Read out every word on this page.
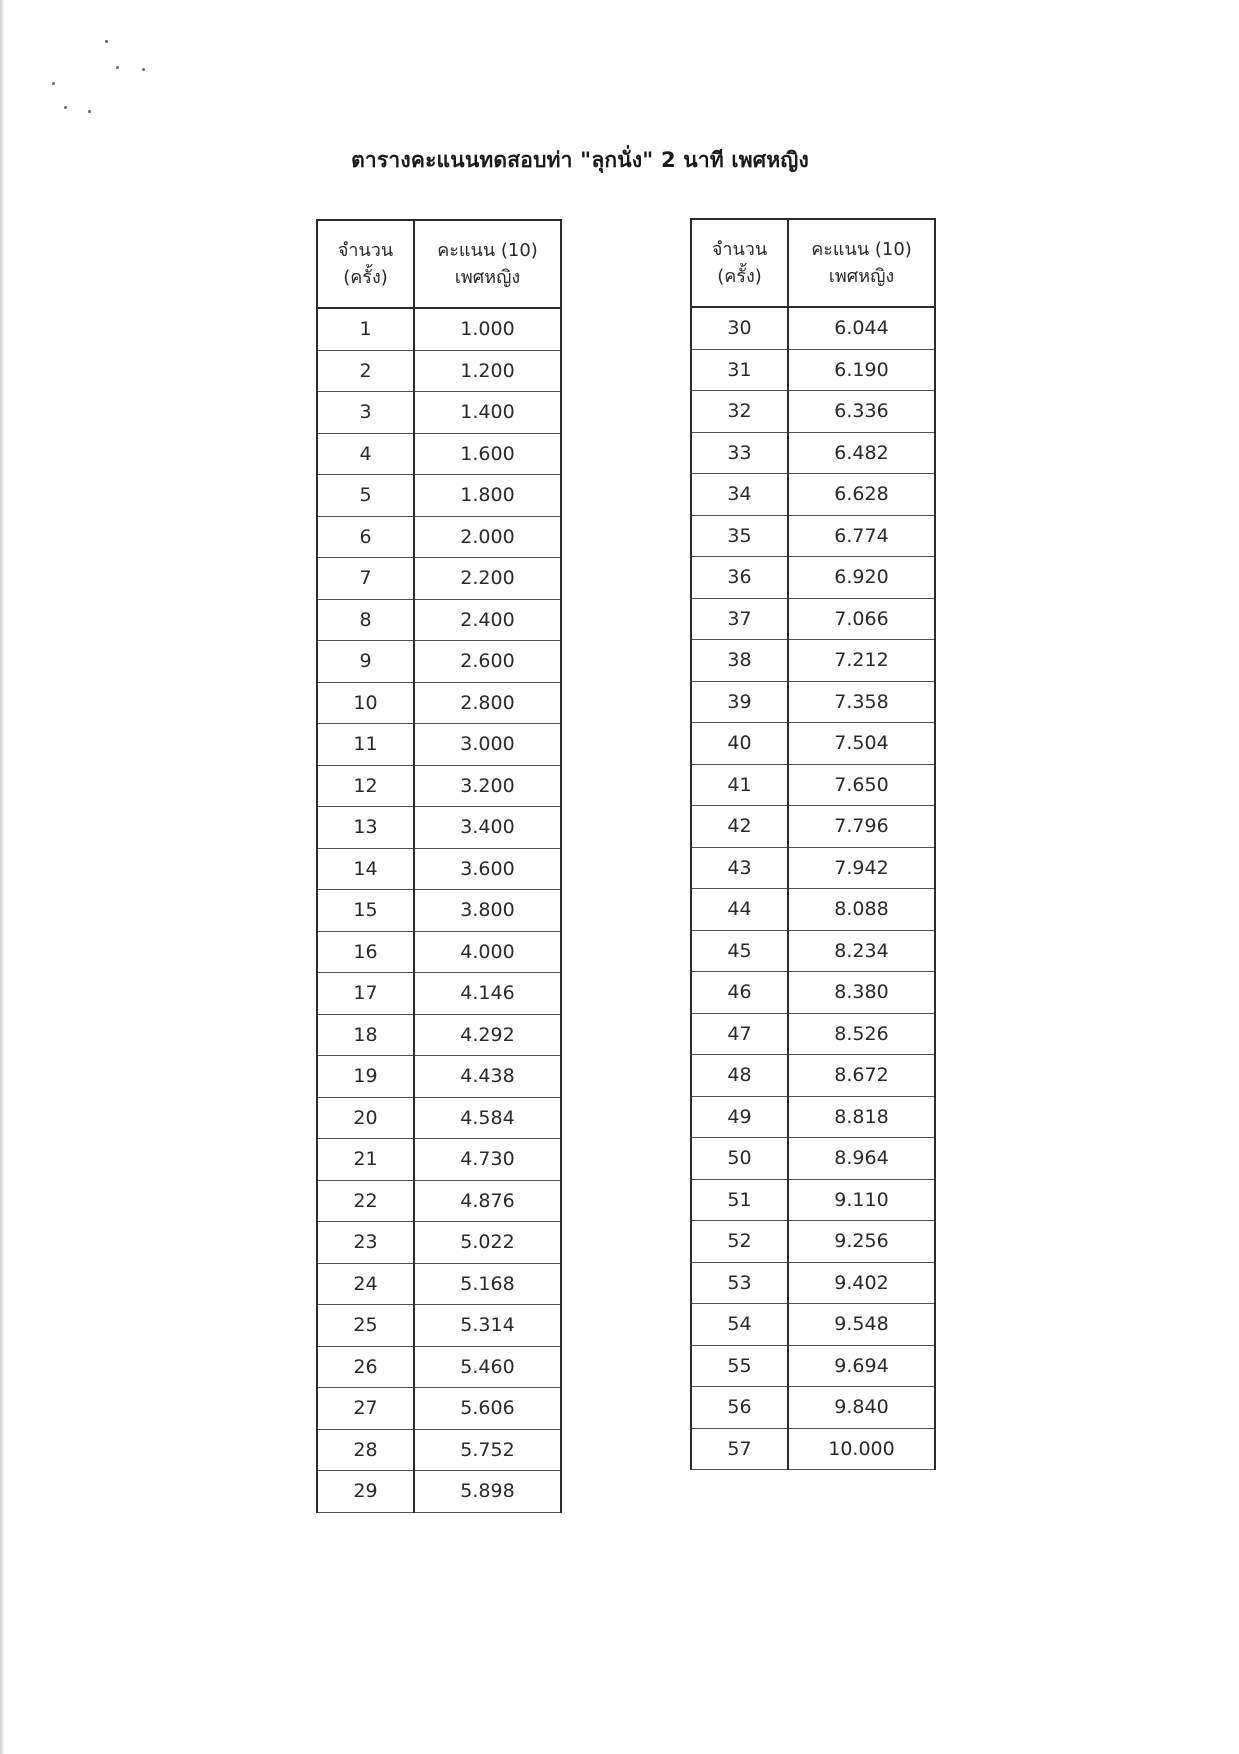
ตารางคะแนนทดสอบท่า "ลุกนั่ง" 2 นาที เพศหญิง
จำนวน
(ครั้ง)	คะแนน (10)
เพศหญิง

1	1.000
2	1.200
3	1.400
4	1.600
5	1.800
6	2.000
7	2.200
8	2.400
9	2.600
10	2.800
11	3.000
12	3.200
13	3.400
14	3.600
15	3.800
16	4.000
17	4.146
18	4.292
19	4.438
20	4.584
21	4.730
22	4.876
23	5.022
24	5.168
25	5.314
26	5.460
27	5.606
28	5.752
29	5.898
จำนวน
(ครั้ง)	คะแนน (10)
เพศหญิง

30	6.044
31	6.190
32	6.336
33	6.482
34	6.628
35	6.774
36	6.920
37	7.066
38	7.212
39	7.358
40	7.504
41	7.650
42	7.796
43	7.942
44	8.088
45	8.234
46	8.380
47	8.526
48	8.672
49	8.818
50	8.964
51	9.110
52	9.256
53	9.402
54	9.548
55	9.694
56	9.840
57	10.000
